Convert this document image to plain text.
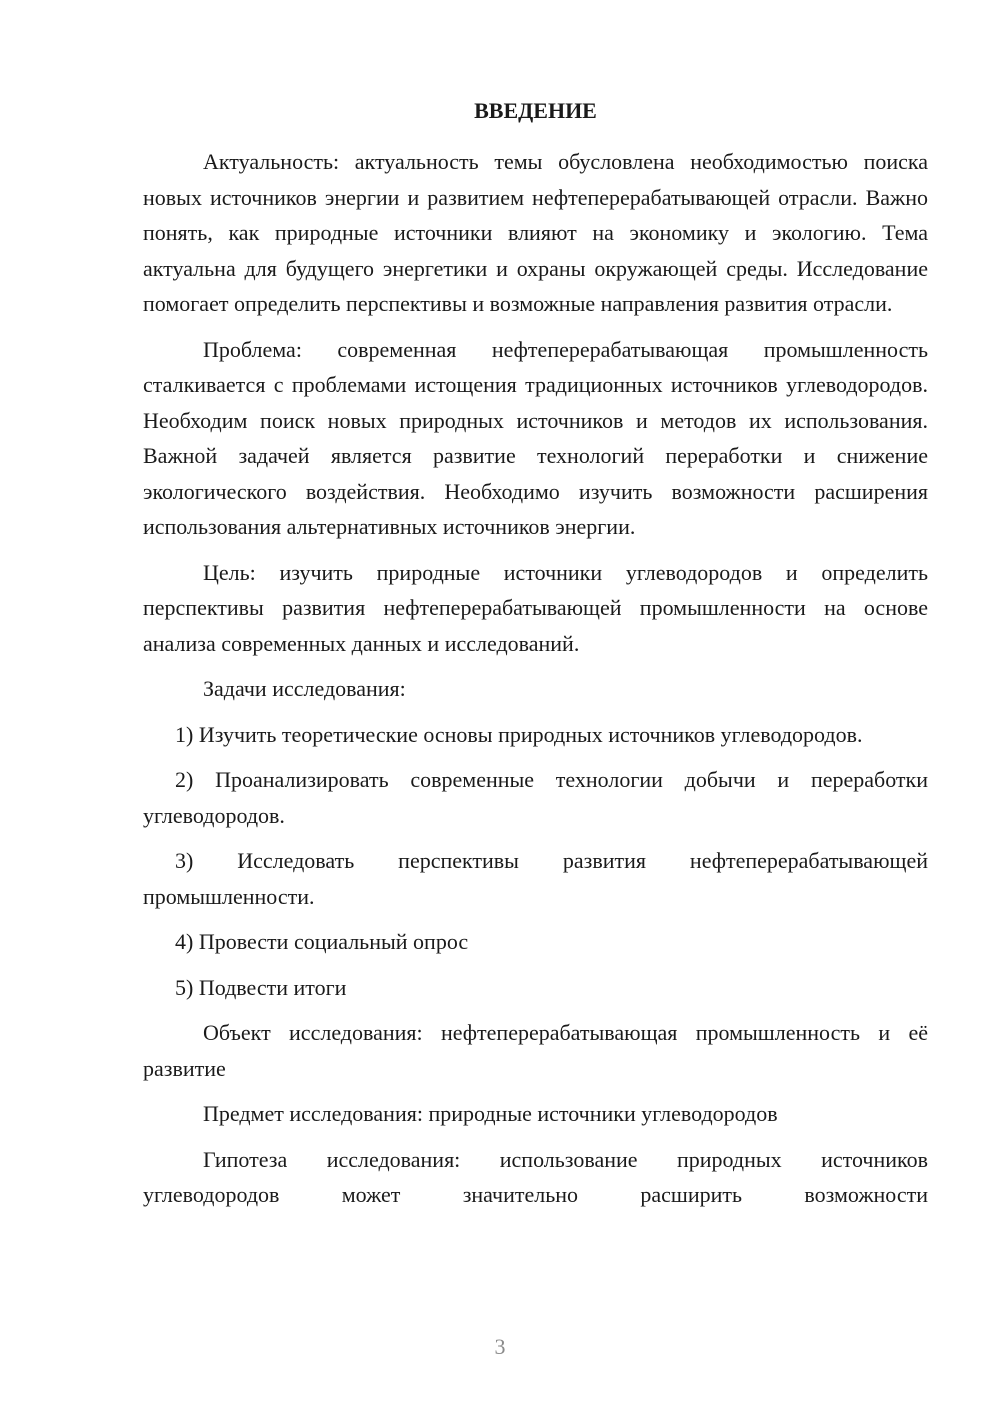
ВВЕДЕНИЕ

Актуальность: актуальность темы обусловлена необходимостью поиска новых источников энергии и развитием нефтеперерабатывающей отрасли. Важно понять, как природные источники влияют на экономику и экологию. Тема актуальна для будущего энергетики и охраны окружающей среды. Исследование помогает определить перспективы и возможные направления развития отрасли.

Проблема: современная нефтеперерабатывающая промышленность сталкивается с проблемами истощения традиционных источников углеводородов. Необходим поиск новых природных источников и методов их использования. Важной задачей является развитие технологий переработки и снижение экологического воздействия. Необходимо изучить возможности расширения использования альтернативных источников энергии.

Цель: изучить природные источники углеводородов и определить перспективы развития нефтеперерабатывающей промышленности на основе анализа современных данных и исследований.

Задачи исследования:

1) Изучить теоретические основы природных источников углеводородов.

2) Проанализировать современные технологии добычи и переработки углеводородов.

3) Исследовать перспективы развития нефтеперерабатывающей промышленности.

4) Провести социальный опрос

5) Подвести итоги

Объект исследования: нефтеперерабатывающая промышленность и её развитие

Предмет исследования: природные источники углеводородов

Гипотеза исследования: использование природных источников углеводородов может значительно расширить возможности

3
